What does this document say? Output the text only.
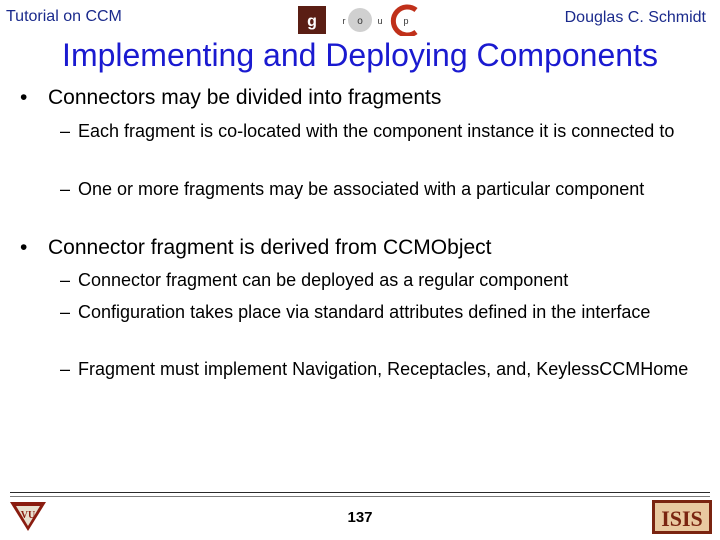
Tutorial on CCM	g	r o u p	Douglas C. Schmidt
Implementing and Deploying Components
• Connectors may be divided into fragments
– Each fragment is co-located with the component instance it is connected to
– One or more fragments may be associated with a particular component
• Connector fragment is derived from CCMObject
– Connector fragment can be deployed as a regular component
– Configuration takes place via standard attributes defined in the interface
– Fragment must implement Navigation, Receptacles, and, KeylessCCMHome
VU	137	ISIS
